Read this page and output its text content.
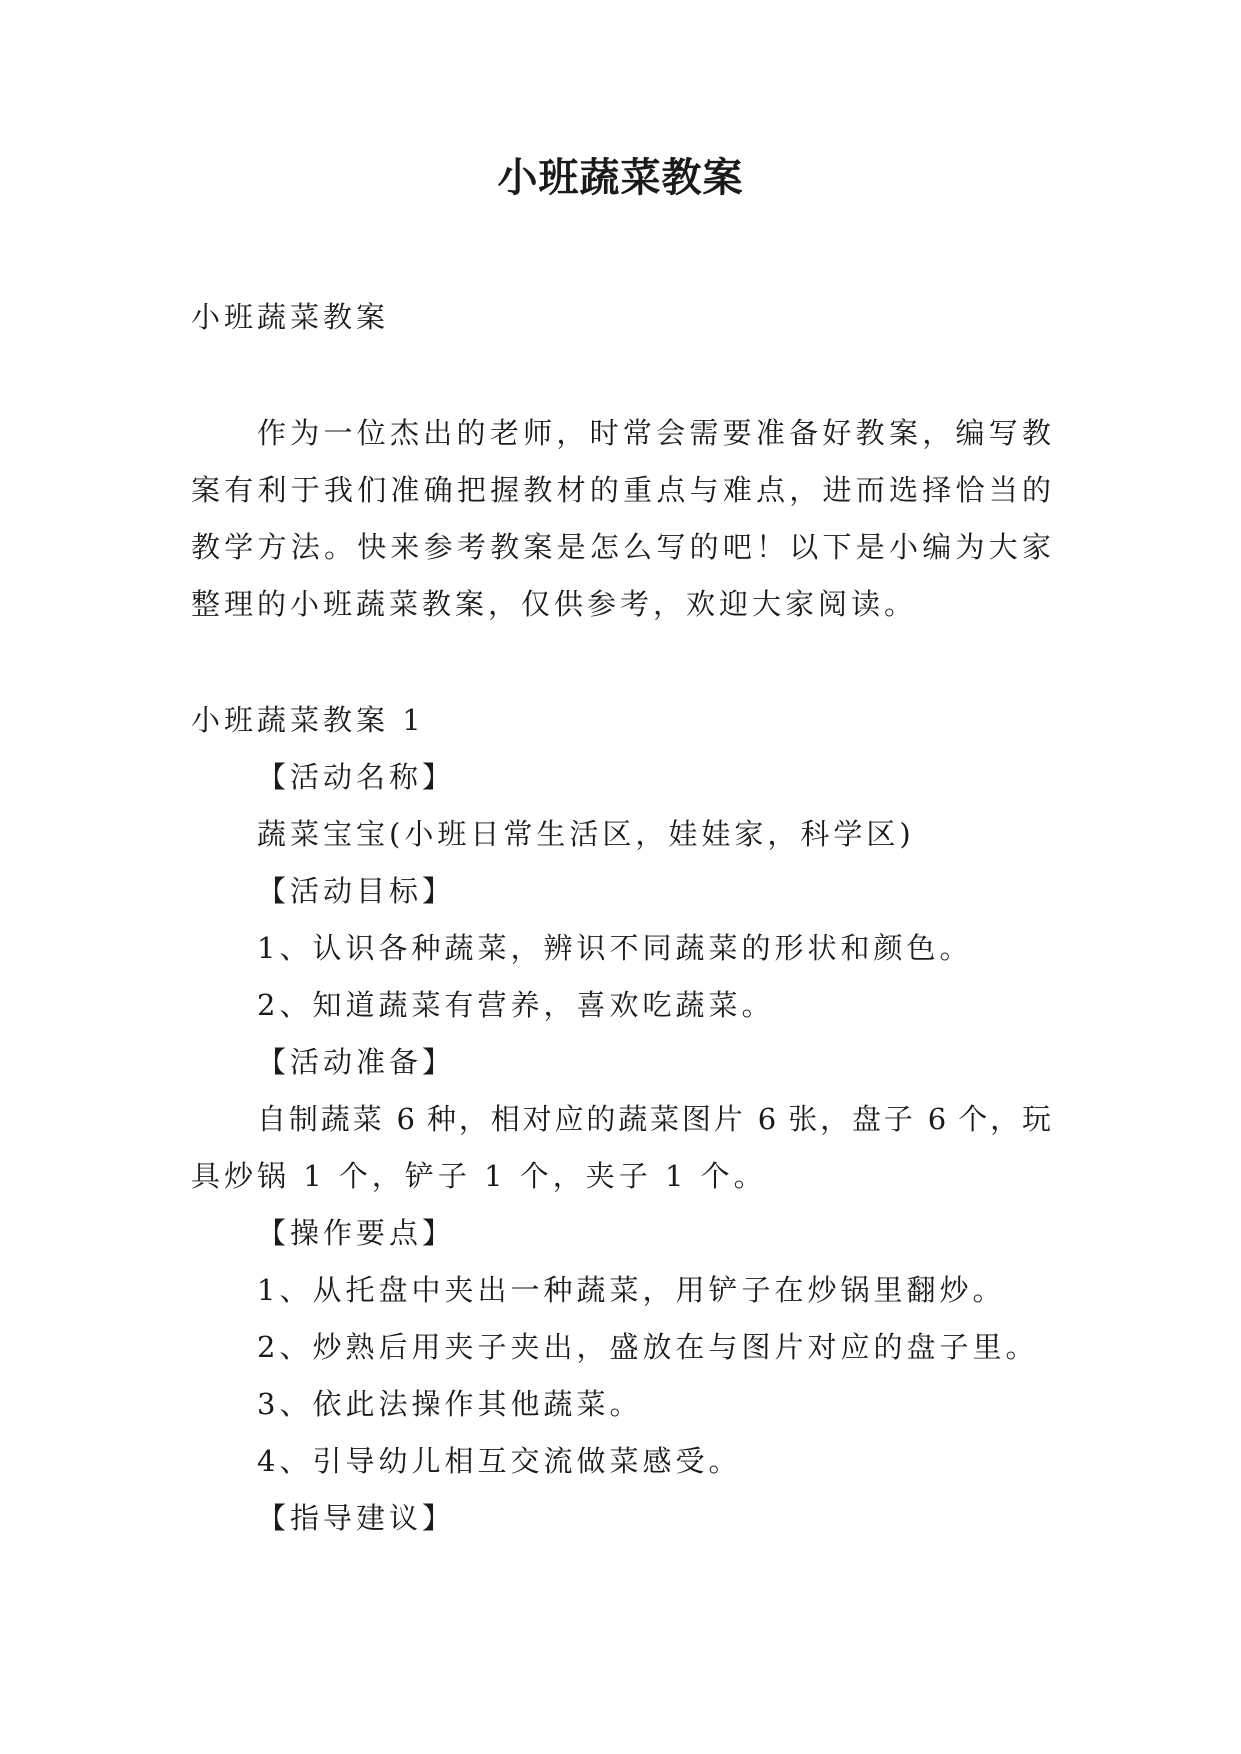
小班蔬菜教案
小班蔬菜教案
作为一位杰出的老师，时常会需要准备好教案，编写教
案有利于我们准确把握教材的重点与难点，进而选择恰当的
教学方法。快来参考教案是怎么写的吧！以下是小编为大家
整理的小班蔬菜教案，仅供参考，欢迎大家阅读。
小班蔬菜教案 1
【活动名称】
蔬菜宝宝(小班日常生活区，娃娃家，科学区)
【活动目标】
1、认识各种蔬菜，辨识不同蔬菜的形状和颜色。
2、知道蔬菜有营养，喜欢吃蔬菜。
【活动准备】
自制蔬菜 6 种，相对应的蔬菜图片 6 张，盘子 6 个，玩
具炒锅 1 个，铲子 1 个，夹子 1 个。
【操作要点】
1、从托盘中夹出一种蔬菜，用铲子在炒锅里翻炒。
2、炒熟后用夹子夹出，盛放在与图片对应的盘子里。
3、依此法操作其他蔬菜。
4、引导幼儿相互交流做菜感受。
【指导建议】
